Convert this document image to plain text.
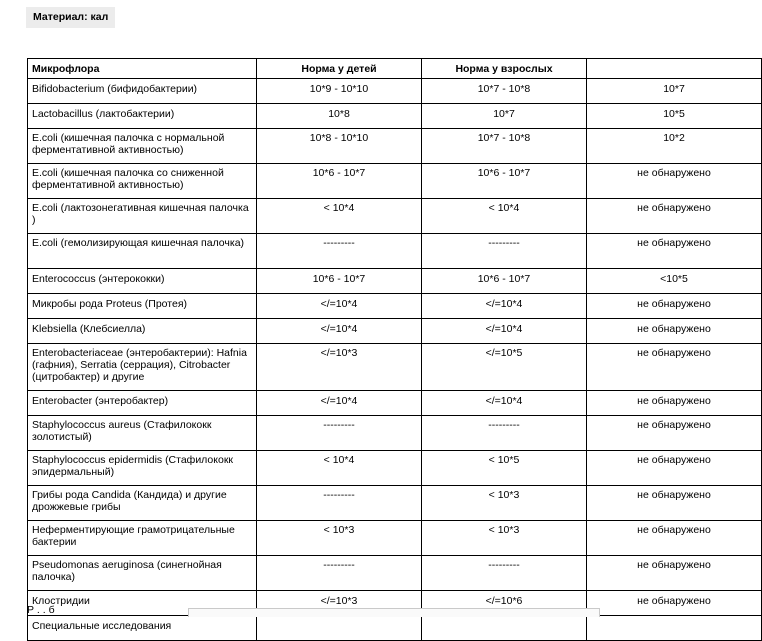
Материал: кал
Микрофлора	Норма у детей	Норма у взрослых	
Bifidobacterium (бифидобактерии)	10*9 - 10*10	10*7 - 10*8	10*7
Lactobacillus (лактобактерии)	10*8	10*7	10*5
E.coli (кишечная палочка с нормальной ферментативной активностью)	10*8 - 10*10	10*7 - 10*8	10*2
E.coli (кишечная палочка со сниженной ферментативной активностью)	10*6 - 10*7	10*6 - 10*7	не обнаружено
E.coli (лактозонегативная кишечная палочка )	< 10*4	< 10*4	не обнаружено
E.coli (гемолизирующая кишечная палочка)	---------	---------	не обнаружено
Enterococcus (энтерококки)	10*6 - 10*7	10*6 - 10*7	<10*5
Микробы рода Proteus (Протея)	</=10*4	</=10*4	не обнаружено
Klebsiella (Клебсиелла)	</=10*4	</=10*4	не обнаружено
Enterobacteriaceae (энтеробактерии): Hafnia (гафния), Serratia (серрация), Citrobacter (цитробактер) и другие	</=10*3	</=10*5	не обнаружено
Enterobacter (энтеробактер)	</=10*4	</=10*4	не обнаружено
Staphylococcus aureus (Стафилококк золотистый)	---------	---------	не обнаружено
Staphylococcus epidermidis (Стафилококк эпидермальный)	< 10*4	< 10*5	не обнаружено
Грибы рода Candida (Кандида) и другие дрожжевые грибы	---------	< 10*3	не обнаружено
Неферментирующие грамотрицательные бактерии	< 10*3	< 10*3	не обнаружено
Pseudomonas aeruginosa (синегнойная палочка)	---------	---------	не обнаружено
Клостридии	</=10*3	</=10*6	не обнаружено
Специальные исследования			
Р . . б
